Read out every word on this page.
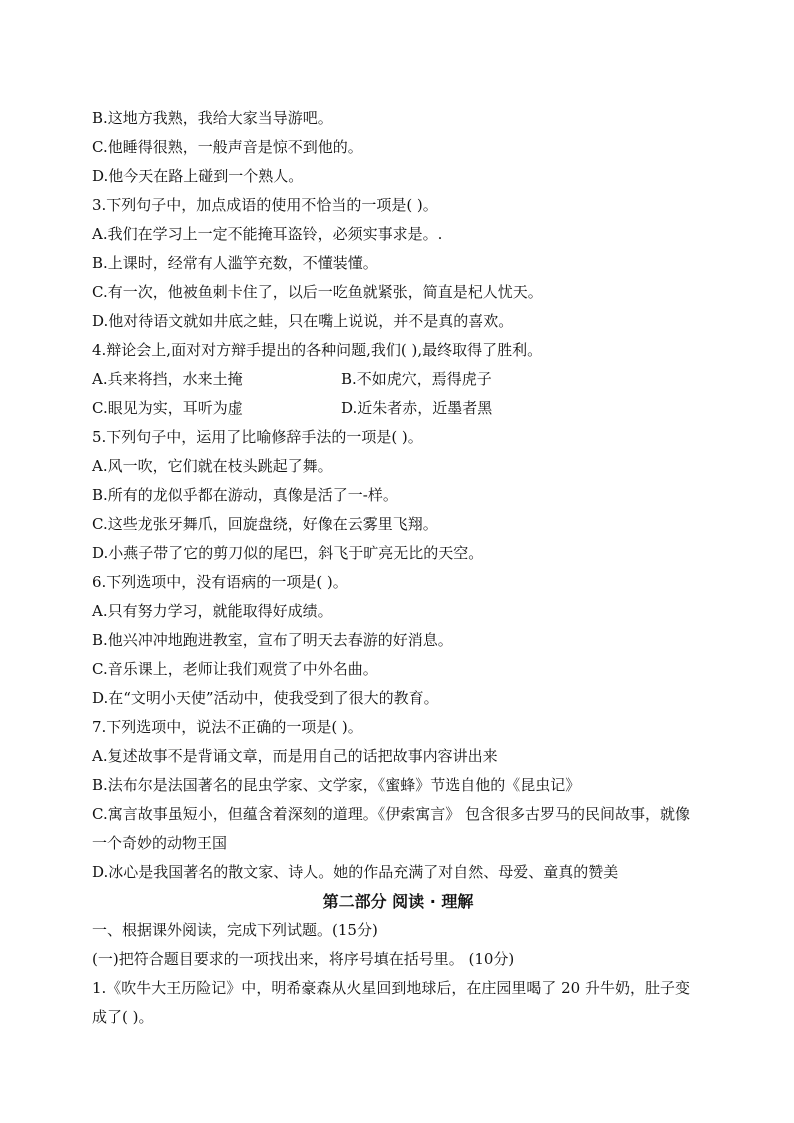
B.这地方我熟，我给大家当导游吧。
C.他睡得很熟，一般声音是惊不到他的。
D.他今天在路上碰到一个熟人。
3.下列句子中，加点成语的使用不恰当的一项是( )。
A.我们在学习上一定不能掩耳盗铃，必须实事求是。.
B.上课时，经常有人滥竽充数，不懂装懂。
C.有一次，他被鱼刺卡住了，以后一吃鱼就紧张，简直是杞人忧天。
D.他对待语文就如井底之蛙，只在嘴上说说，并不是真的喜欢。
4.辩论会上,面对对方辩手提出的各种问题,我们( ),最终取得了胜利。
A.兵来将挡，水来土掩	B.不如虎穴，焉得虎子
C.眼见为实，耳听为虚	D.近朱者赤，近墨者黑
5.下列句子中，运用了比喻修辞手法的一项是( )。
A.风一吹，它们就在枝头跳起了舞。
B.所有的龙似乎都在游动，真像是活了一-样。
C.这些龙张牙舞爪，回旋盘绕，好像在云雾里飞翔。
D.小燕子带了它的剪刀似的尾巴，斜飞于旷亮无比的天空。
6.下列选项中，没有语病的一项是( )。
A.只有努力学习，就能取得好成绩。
B.他兴冲冲地跑进教室，宣布了明天去春游的好消息。
C.音乐课上，老师让我们观赏了中外名曲。
D.在“文明小天使”活动中，使我受到了很大的教育。
7.下列选项中，说法不正确的一项是( )。
A.复述故事不是背诵文章，而是用自己的话把故事内容讲出来
B.法布尔是法国著名的昆虫学家、文学家，《蜜蜂》节选自他的《昆虫记》
C.寓言故事虽短小，但蕴含着深刻的道理。《伊索寓言》 包含很多古罗马的民间故事，就像一个奇妙的动物王国
D.冰心是我国著名的散文家、诗人。她的作品充满了对自然、母爱、童真的赞美
第二部分 阅读 · 理解
一、根据课外阅读，完成下列试题。(15分)
(一)把符合题目要求的一项找出来，将序号填在括号里。 (10分)
1.《吹牛大王历险记》中，明希豪森从火星回到地球后，在庄园里喝了 20 升牛奶，肚子变成了( )。
